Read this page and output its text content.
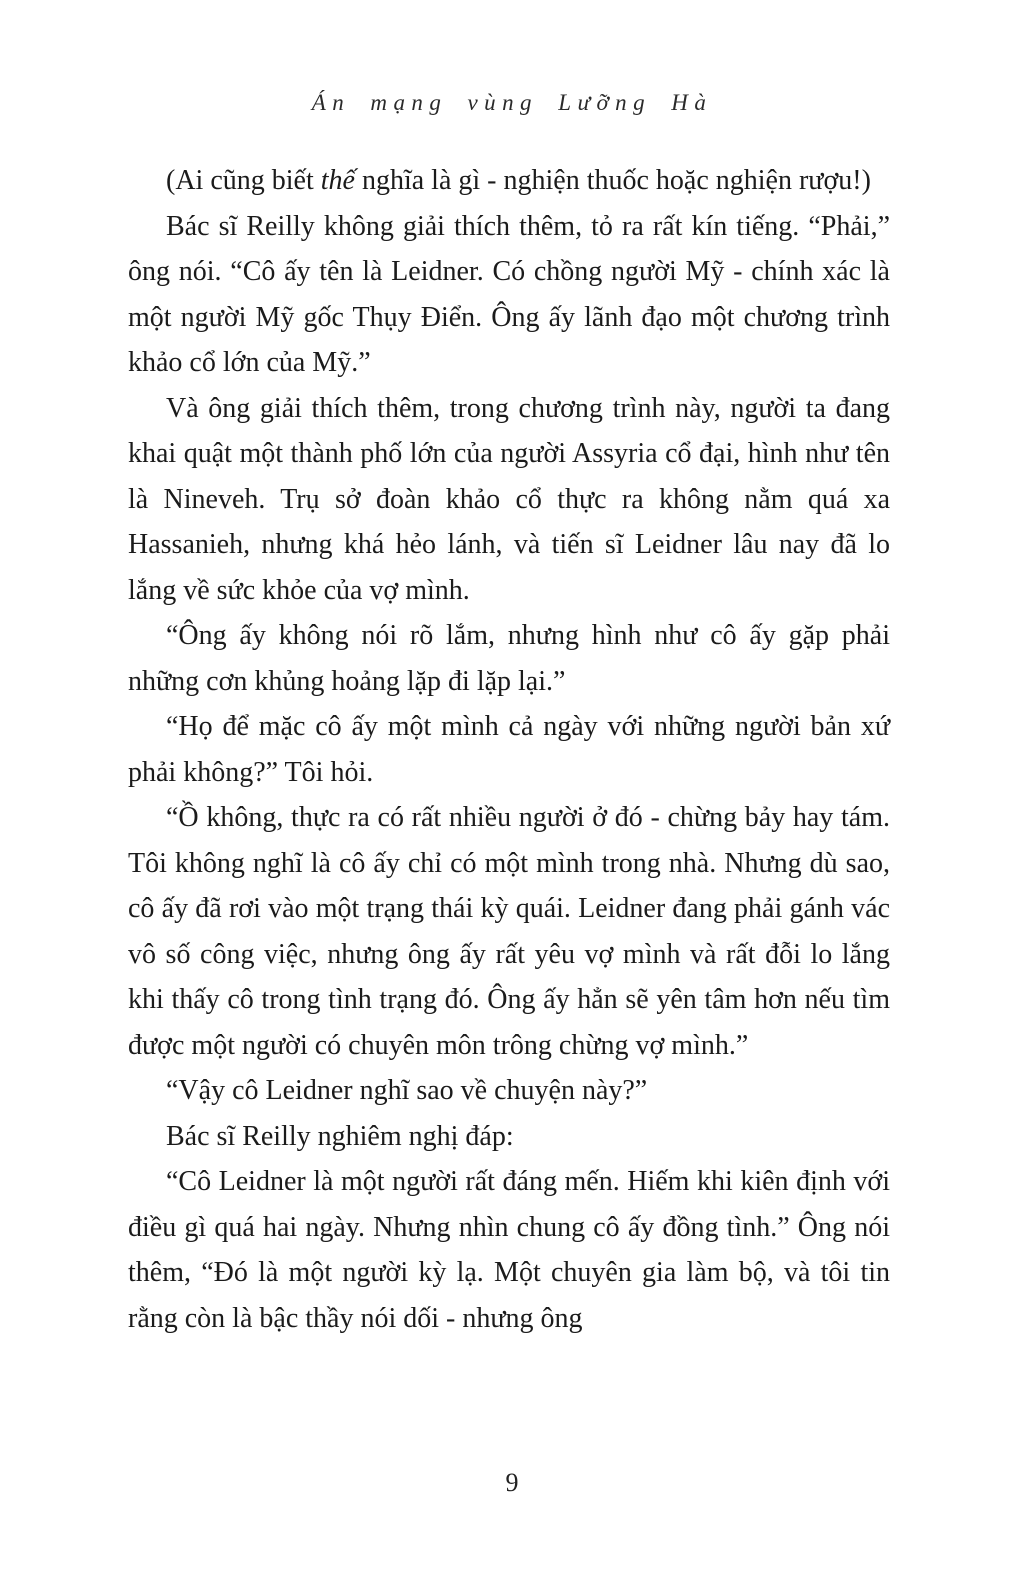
Án mạng vùng Lưỡng Hà

(Ai cũng biết thế nghĩa là gì - nghiện thuốc hoặc nghiện rượu!)

Bác sĩ Reilly không giải thích thêm, tỏ ra rất kín tiếng. “Phải,” ông nói. “Cô ấy tên là Leidner. Có chồng người Mỹ - chính xác là một người Mỹ gốc Thụy Điển. Ông ấy lãnh đạo một chương trình khảo cổ lớn của Mỹ.”

Và ông giải thích thêm, trong chương trình này, người ta đang khai quật một thành phố lớn của người Assyria cổ đại, hình như tên là Nineveh. Trụ sở đoàn khảo cổ thực ra không nằm quá xa Hassanieh, nhưng khá hẻo lánh, và tiến sĩ Leidner lâu nay đã lo lắng về sức khỏe của vợ mình.

“Ông ấy không nói rõ lắm, nhưng hình như cô ấy gặp phải những cơn khủng hoảng lặp đi lặp lại.”

“Họ để mặc cô ấy một mình cả ngày với những người bản xứ phải không?” Tôi hỏi.

“Ồ không, thực ra có rất nhiều người ở đó - chừng bảy hay tám. Tôi không nghĩ là cô ấy chỉ có một mình trong nhà. Nhưng dù sao, cô ấy đã rơi vào một trạng thái kỳ quái. Leidner đang phải gánh vác vô số công việc, nhưng ông ấy rất yêu vợ mình và rất đỗi lo lắng khi thấy cô trong tình trạng đó. Ông ấy hẳn sẽ yên tâm hơn nếu tìm được một người có chuyên môn trông chừng vợ mình.”

“Vậy cô Leidner nghĩ sao về chuyện này?”

Bác sĩ Reilly nghiêm nghị đáp:

“Cô Leidner là một người rất đáng mến. Hiếm khi kiên định với điều gì quá hai ngày. Nhưng nhìn chung cô ấy đồng tình.” Ông nói thêm, “Đó là một người kỳ lạ. Một chuyên gia làm bộ, và tôi tin rằng còn là bậc thầy nói dối - nhưng ông

9
